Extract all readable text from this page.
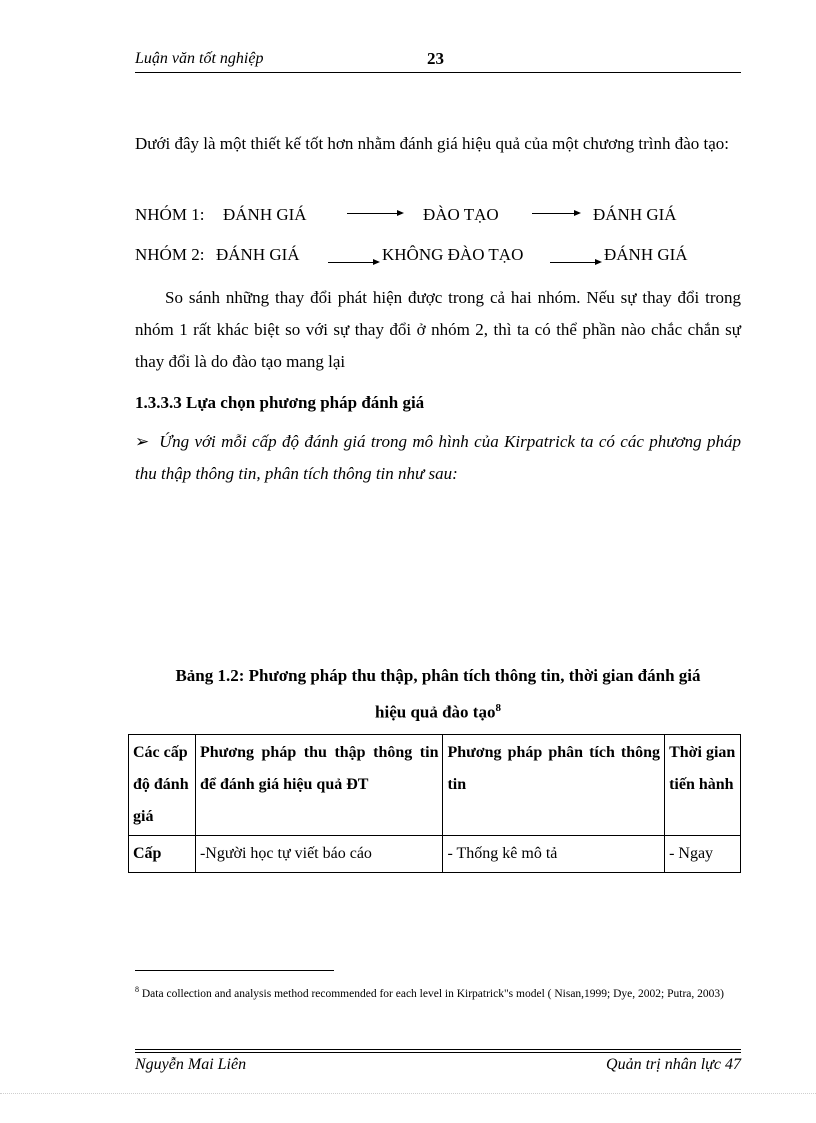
Luận văn tốt nghiệp	23
Dưới đây là một thiết kế tốt hơn nhằm đánh giá hiệu quả của một chương trình đào tạo:
NHÓM 1: ĐÁNH GIÁ	ĐÀO TẠO	ĐÁNH GIÁ
NHÓM 2: ĐÁNH GIÁ	KHÔNG ĐÀO TẠO	ĐÁNH GIÁ
So sánh những thay đổi phát hiện được trong cả hai nhóm. Nếu sự thay đổi trong nhóm 1 rất khác biệt so với sự thay đổi ở nhóm 2, thì ta có thể phần nào chắc chắn sự thay đổi là do đào tạo mang lại
1.3.3.3 Lựa chọn phương pháp đánh giá
➢ Ứng với mỗi cấp độ đánh giá trong mô hình của Kirpatrick ta có các phương pháp thu thập thông tin, phân tích thông tin như sau:
Bảng 1.2: Phương pháp thu thập, phân tích thông tin, thời gian đánh giá
hiệu quả đào tạo$^8$
Các cấp độ đánh giá	Phương pháp thu thập thông tin để đánh giá hiệu quả ĐT	Phương pháp phân tích thông tin	Thời gian tiến hành
Cấp	-Người học tự viết báo cáo	- Thống kê mô tả	- Ngay
$^8$ Data collection and analysis method recommended for each level in Kirpatrick"s model ( Nisan,1999; Dye, 2002; Putra, 2003)
Nguyễn Mai Liên	Quản trị nhân lực 47
